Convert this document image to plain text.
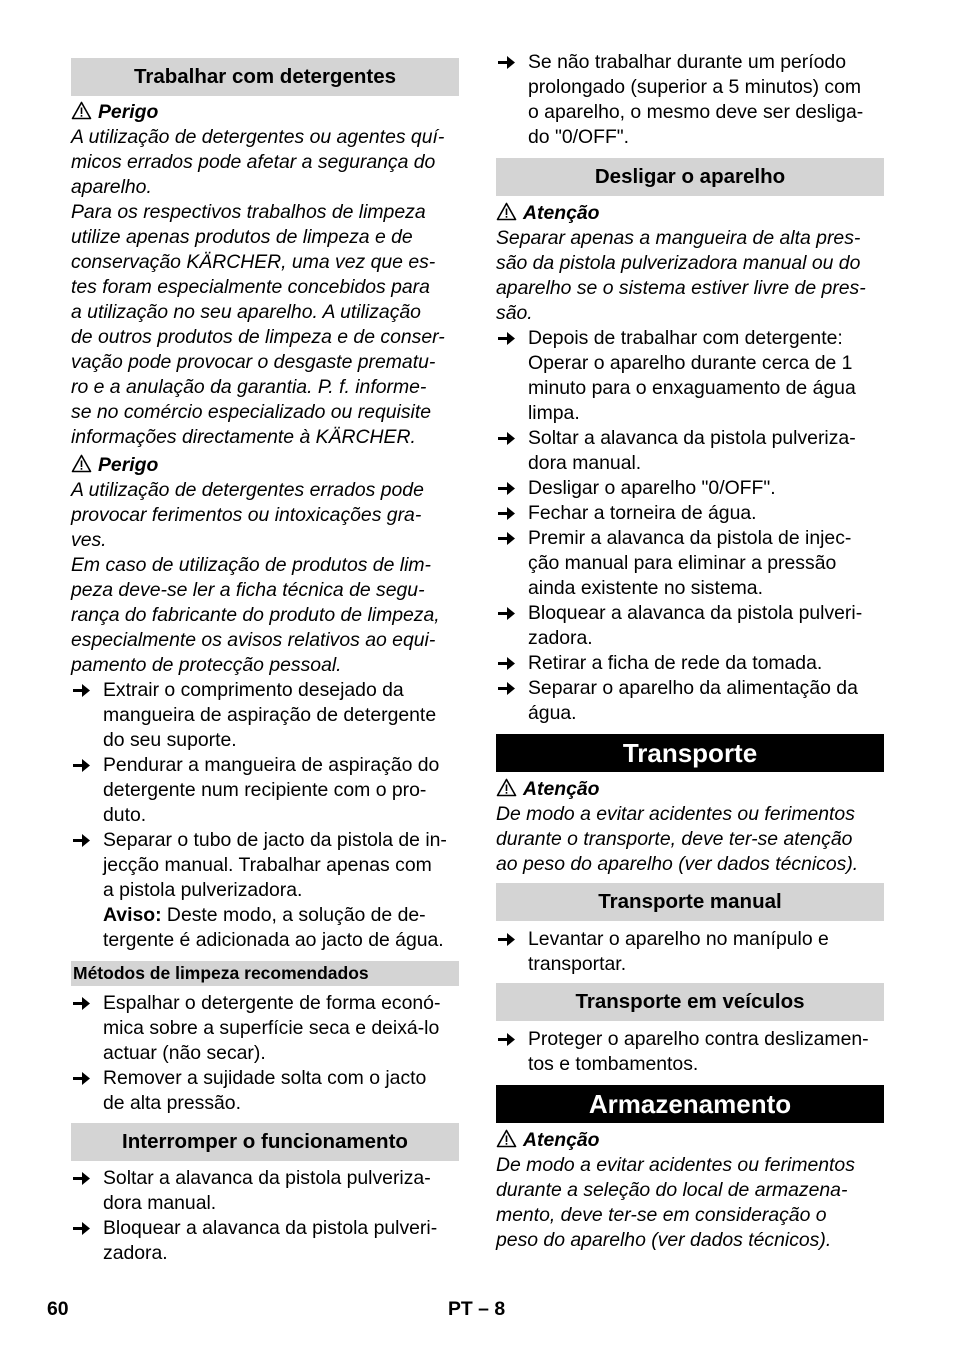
Trabalhar com detergentes
Perigo
A utilização de detergentes ou agentes quí-
micos errados pode afetar a segurança do
aparelho.
Para os respectivos trabalhos de limpeza
utilize apenas produtos de limpeza e de
conservação KÄRCHER, uma vez que es-
tes foram especialmente concebidos para
a utilização no seu aparelho. A utilização
de outros produtos de limpeza e de conser-
vação pode provocar o desgaste prematu-
ro e a anulação da garantia. P. f. informe-
se no comércio especializado ou requisite
informações directamente à KÄRCHER.
Perigo
A utilização de detergentes errados pode
provocar ferimentos ou intoxicações gra-
ves.
Em caso de utilização de produtos de lim-
peza deve-se ler a ficha técnica de segu-
rança do fabricante do produto de limpeza,
especialmente os avisos relativos ao equi-
pamento de protecção pessoal.
Extrair o comprimento desejado da
mangueira de aspiração de detergente
do seu suporte.
Pendurar a mangueira de aspiração do
detergente num recipiente com o pro-
duto.
Separar o tubo de jacto da pistola de in-
jecção manual. Trabalhar apenas com
a pistola pulverizadora.
Aviso: Deste modo, a solução de de-
tergente é adicionada ao jacto de água.
Métodos de limpeza recomendados
Espalhar o detergente de forma econó-
mica sobre a superfície seca e deixá-lo
actuar (não secar).
Remover a sujidade solta com o jacto
de alta pressão.
Interromper o funcionamento
Soltar a alavanca da pistola pulveriza-
dora manual.
Bloquear a alavanca da pistola pulveri-
zadora.
Se não trabalhar durante um período
prolongado (superior a 5 minutos) com
o aparelho, o mesmo deve ser desliga-
do "0/OFF".
Desligar o aparelho
Atenção
Separar apenas a mangueira de alta pres-
são da pistola pulverizadora manual ou do
aparelho se o sistema estiver livre de pres-
são.
Depois de trabalhar com detergente:
Operar o aparelho durante cerca de 1
minuto para o enxaguamento de água
limpa.
Soltar a alavanca da pistola pulveriza-
dora manual.
Desligar o aparelho "0/OFF".
Fechar a torneira de água.
Premir a alavanca da pistola de injec-
ção manual para eliminar a pressão
ainda existente no sistema.
Bloquear a alavanca da pistola pulveri-
zadora.
Retirar a ficha de rede da tomada.
Separar o aparelho da alimentação da
água.
Transporte
Atenção
De modo a evitar acidentes ou ferimentos
durante o transporte, deve ter-se atenção
ao peso do aparelho (ver dados técnicos).
Transporte manual
Levantar o aparelho no manípulo e
transportar.
Transporte em veículos
Proteger o aparelho contra deslizamen-
tos e tombamentos.
Armazenamento
Atenção
De modo a evitar acidentes ou ferimentos
durante a seleção do local de armazena-
mento, deve ter-se em consideração o
peso do aparelho (ver dados técnicos).
60	PT – 8
